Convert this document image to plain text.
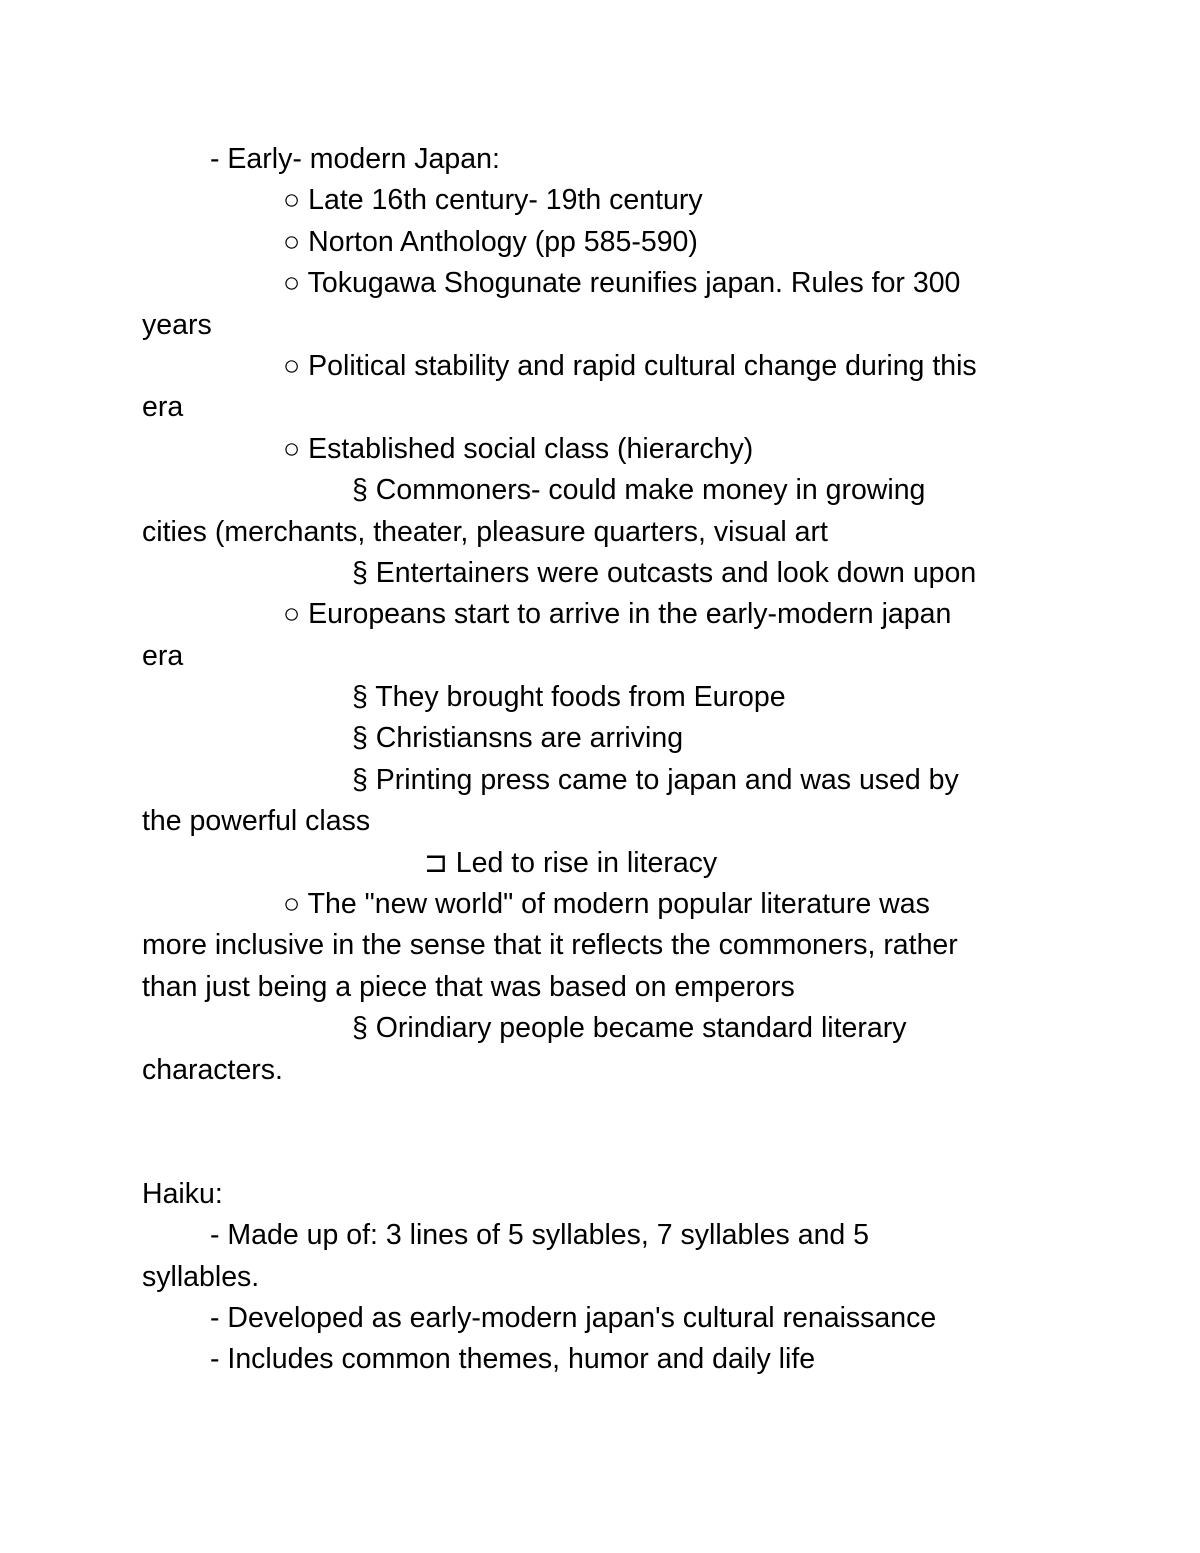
- Early- modern Japan:
○ Late 16th century- 19th century
○ Norton Anthology (pp 585-590)
○ Tokugawa Shogunate reunifies japan. Rules for 300
years
○ Political stability and rapid cultural change during this
era
○ Established social class (hierarchy)
§ Commoners- could make money in growing
cities (merchants, theater, pleasure quarters, visual art
§ Entertainers were outcasts and look down upon
○ Europeans start to arrive in the early-modern japan
era
§ They brought foods from Europe
§ Christiansns are arriving
§ Printing press came to japan and was used by
the powerful class
⊐ Led to rise in literacy
○ The "new world" of modern popular literature was
more inclusive in the sense that it reflects the commoners, rather
than just being a piece that was based on emperors
§ Orindiary people became standard literary
characters.
Haiku:
- Made up of: 3 lines of 5 syllables, 7 syllables and 5
syllables.
- Developed as early-modern japan's cultural renaissance
- Includes common themes, humor and daily life
